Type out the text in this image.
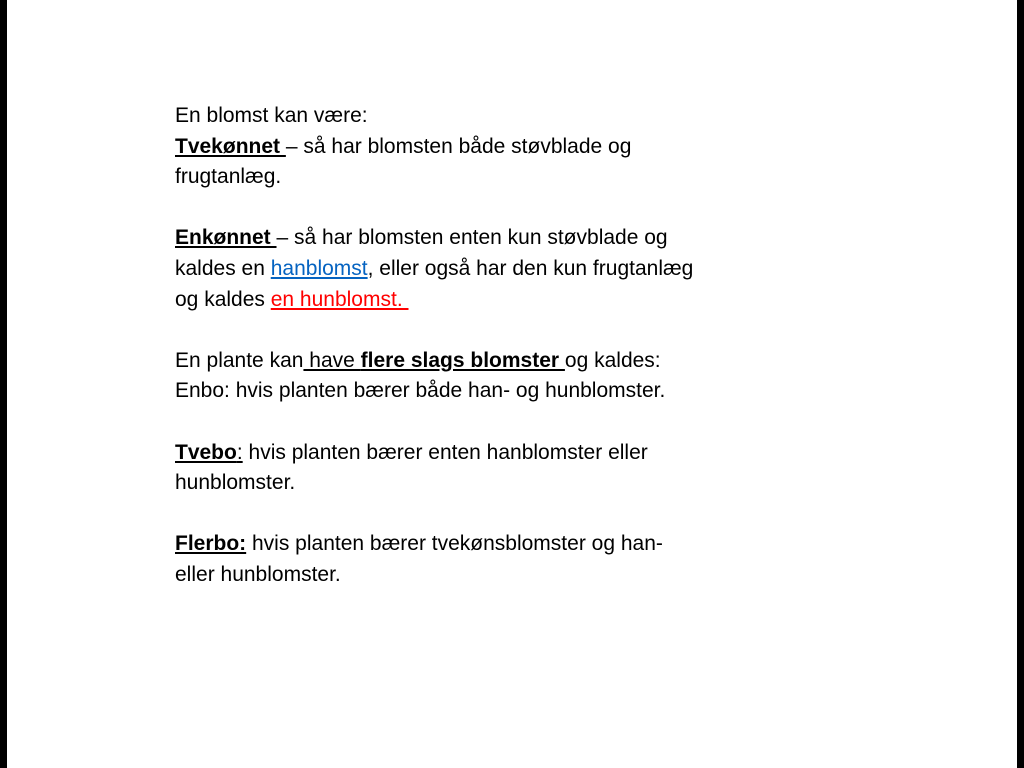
En blomst kan være:
Tvekønnet – så har blomsten både støvblade og
frugtanlæg.

Enkønnet – så har blomsten enten kun støvblade og
kaldes en hanblomst, eller også har den kun frugtanlæg
og kaldes en hunblomst.

En plante kan have flere slags blomster og kaldes:
Enbo: hvis planten bærer både han- og hunblomster.

Tvebo: hvis planten bærer enten hanblomster eller
hunblomster.

Flerbo: hvis planten bærer tvekønsblomster og han-
eller hunblomster.
